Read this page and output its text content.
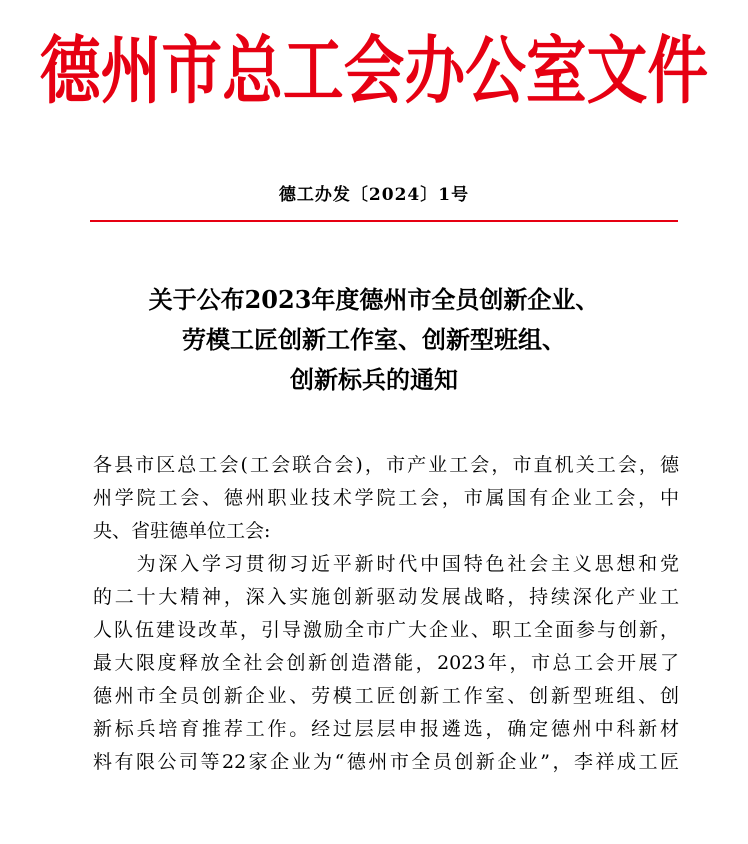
德州市总工会办公室文件
德工办发〔2024〕1号
关于公布2023年度德州市全员创新企业、
劳模工匠创新工作室、创新型班组、
创新标兵的通知
各县市区总工会(工会联合会)，市产业工会，市直机关工会，德
州学院工会、德州职业技术学院工会，市属国有企业工会，中
央、省驻德单位工会:
　　为深入学习贯彻习近平新时代中国特色社会主义思想和党
的二十大精神，深入实施创新驱动发展战略，持续深化产业工
人队伍建设改革，引导激励全市广大企业、职工全面参与创新，
最大限度释放全社会创新创造潜能，2023年，市总工会开展了
德州市全员创新企业、劳模工匠创新工作室、创新型班组、创
新标兵培育推荐工作。经过层层申报遴选，确定德州中科新材
料有限公司等22家企业为“德州市全员创新企业”，李祥成工匠
